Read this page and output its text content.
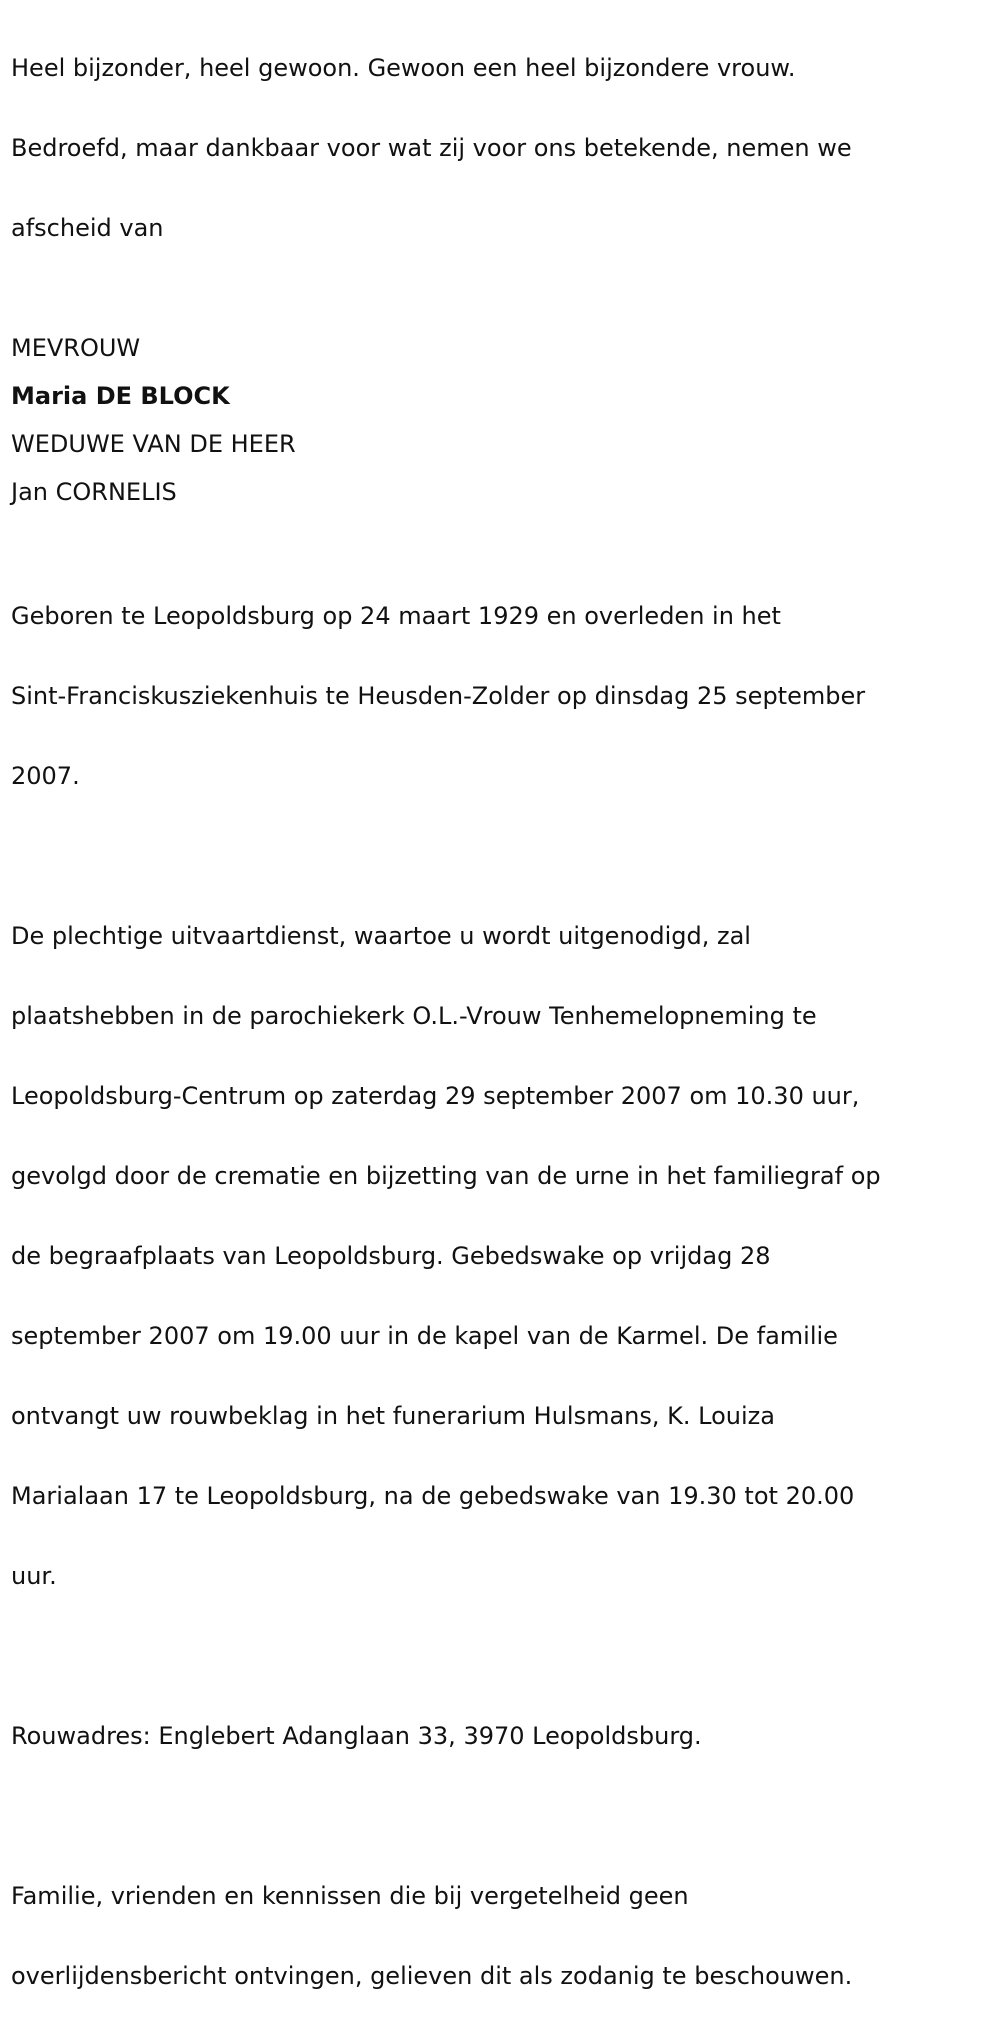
Heel bijzonder, heel gewoon. Gewoon een heel bijzondere vrouw.

Bedroefd, maar dankbaar voor wat zij voor ons betekende, nemen we

afscheid van

MEVROUW
Maria DE BLOCK
WEDUWE VAN DE HEER
Jan CORNELIS

Geboren te Leopoldsburg op 24 maart 1929 en overleden in het

Sint-Franciskusziekenhuis te Heusden-Zolder op dinsdag 25 september

2007.

De plechtige uitvaartdienst, waartoe u wordt uitgenodigd, zal

plaatshebben in de parochiekerk O.L.-Vrouw Tenhemelopneming te

Leopoldsburg-Centrum op zaterdag 29 september 2007 om 10.30 uur,

gevolgd door de crematie en bijzetting van de urne in het familiegraf op

de begraafplaats van Leopoldsburg. Gebedswake op vrijdag 28

september 2007 om 19.00 uur in de kapel van de Karmel. De familie

ontvangt uw rouwbeklag in het funerarium Hulsmans, K. Louiza

Marialaan 17 te Leopoldsburg, na de gebedswake van 19.30 tot 20.00

uur.

Rouwadres: Englebert Adanglaan 33, 3970 Leopoldsburg.

Familie, vrienden en kennissen die bij vergetelheid geen

overlijdensbericht ontvingen, gelieven dit als zodanig te beschouwen.
